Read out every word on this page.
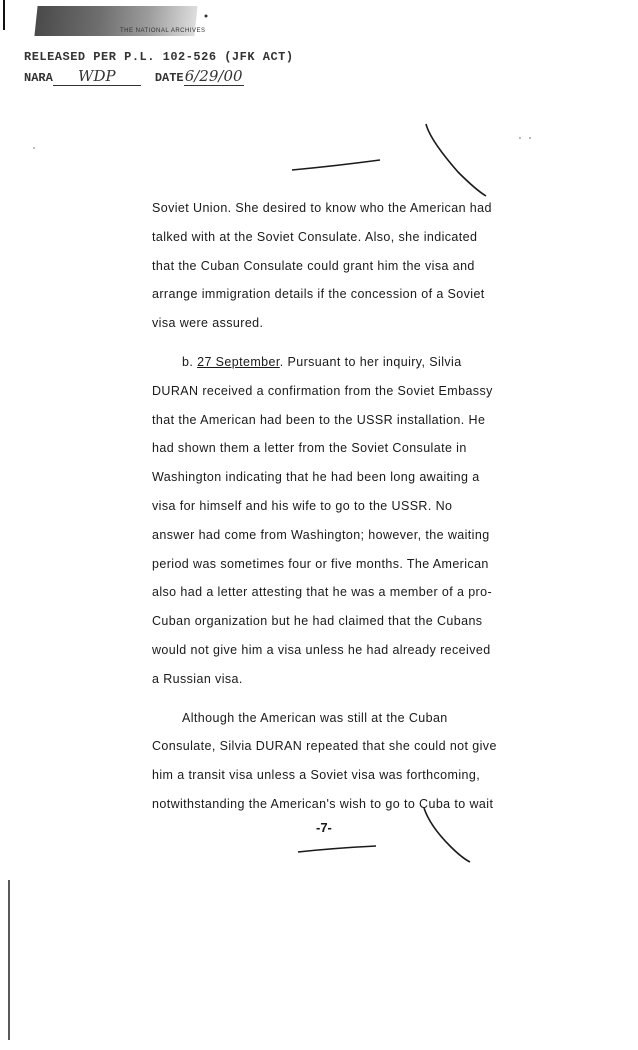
THE NATIONAL ARCHIVES
RELEASED PER P.L. 102-526 (JFK ACT)
NARA WDP	DATE6/29/00

Soviet Union. She desired to know who the American had
talked with at the Soviet Consulate. Also, she indicated
that the Cuban Consulate could grant him the visa and
arrange immigration details if the concession of a Soviet
visa were assured.

b. 27 September. Pursuant to her inquiry, Silvia
DURAN received a confirmation from the Soviet Embassy
that the American had been to the USSR installation. He
had shown them a letter from the Soviet Consulate in
Washington indicating that he had been long awaiting a
visa for himself and his wife to go to the USSR. No
answer had come from Washington; however, the waiting
period was sometimes four or five months. The American
also had a letter attesting that he was a member of a pro-
Cuban organization but he had claimed that the Cubans
would not give him a visa unless he had already received
a Russian visa.

Although the American was still at the Cuban
Consulate, Silvia DURAN repeated that she could not give
him a transit visa unless a Soviet visa was forthcoming,
notwithstanding the American's wish to go to Cuba to wait

-7-
